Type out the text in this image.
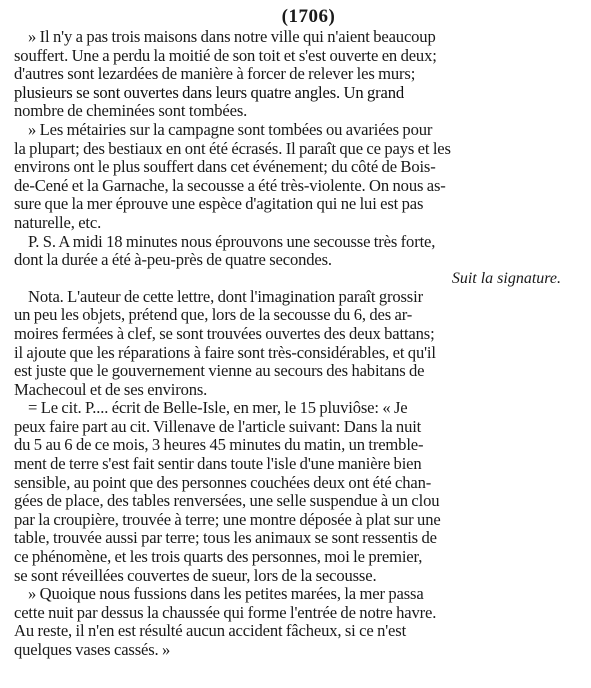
(1706)
» Il n'y a pas trois maisons dans notre ville qui n'aient beaucoup
souffert. Une a perdu la moitié de son toit et s'est ouverte en deux;
d'autres sont lezardées de manière à forcer de relever les murs;
plusieurs se sont ouvertes dans leurs quatre angles. Un grand
nombre de cheminées sont tombées.
» Les métairies sur la campagne sont tombées ou avariées pour
la plupart; des bestiaux en ont été écrasés. Il paraît que ce pays et les
environs ont le plus souffert dans cet événement; du côté de Bois-
de-Cené et la Garnache, la secousse a été très-violente. On nous as-
sure que la mer éprouve une espèce d'agitation qui ne lui est pas
naturelle, etc.
P. S. A midi 18 minutes nous éprouvons une secousse très forte,
dont la durée a été à-peu-près de quatre secondes.
Suit la signature.
Nota. L'auteur de cette lettre, dont l'imagination paraît grossir
un peu les objets, prétend que, lors de la secousse du 6, des ar-
moires fermées à clef, se sont trouvées ouvertes des deux battans;
il ajoute que les réparations à faire sont très-considérables, et qu'il
est juste que le gouvernement vienne au secours des habitans de
Machecoul et de ses environs.
= Le cit. P.... écrit de Belle-Isle, en mer, le 15 pluviôse: « Je
peux faire part au cit. Villenave de l'article suivant: Dans la nuit
du 5 au 6 de ce mois, 3 heures 45 minutes du matin, un tremble-
ment de terre s'est fait sentir dans toute l'isle d'une manière bien
sensible, au point que des personnes couchées deux ont été chan-
gées de place, des tables renversées, une selle suspendue à un clou
par la croupière, trouvée à terre; une montre déposée à plat sur une
table, trouvée aussi par terre; tous les animaux se sont ressentis de
ce phénomène, et les trois quarts des personnes, moi le premier,
se sont réveillées couvertes de sueur, lors de la secousse.
» Quoique nous fussions dans les petites marées, la mer passa
cette nuit par dessus la chaussée qui forme l'entrée de notre havre.
Au reste, il n'en est résulté aucun accident fâcheux, si ce n'est
quelques vases cassés. »
